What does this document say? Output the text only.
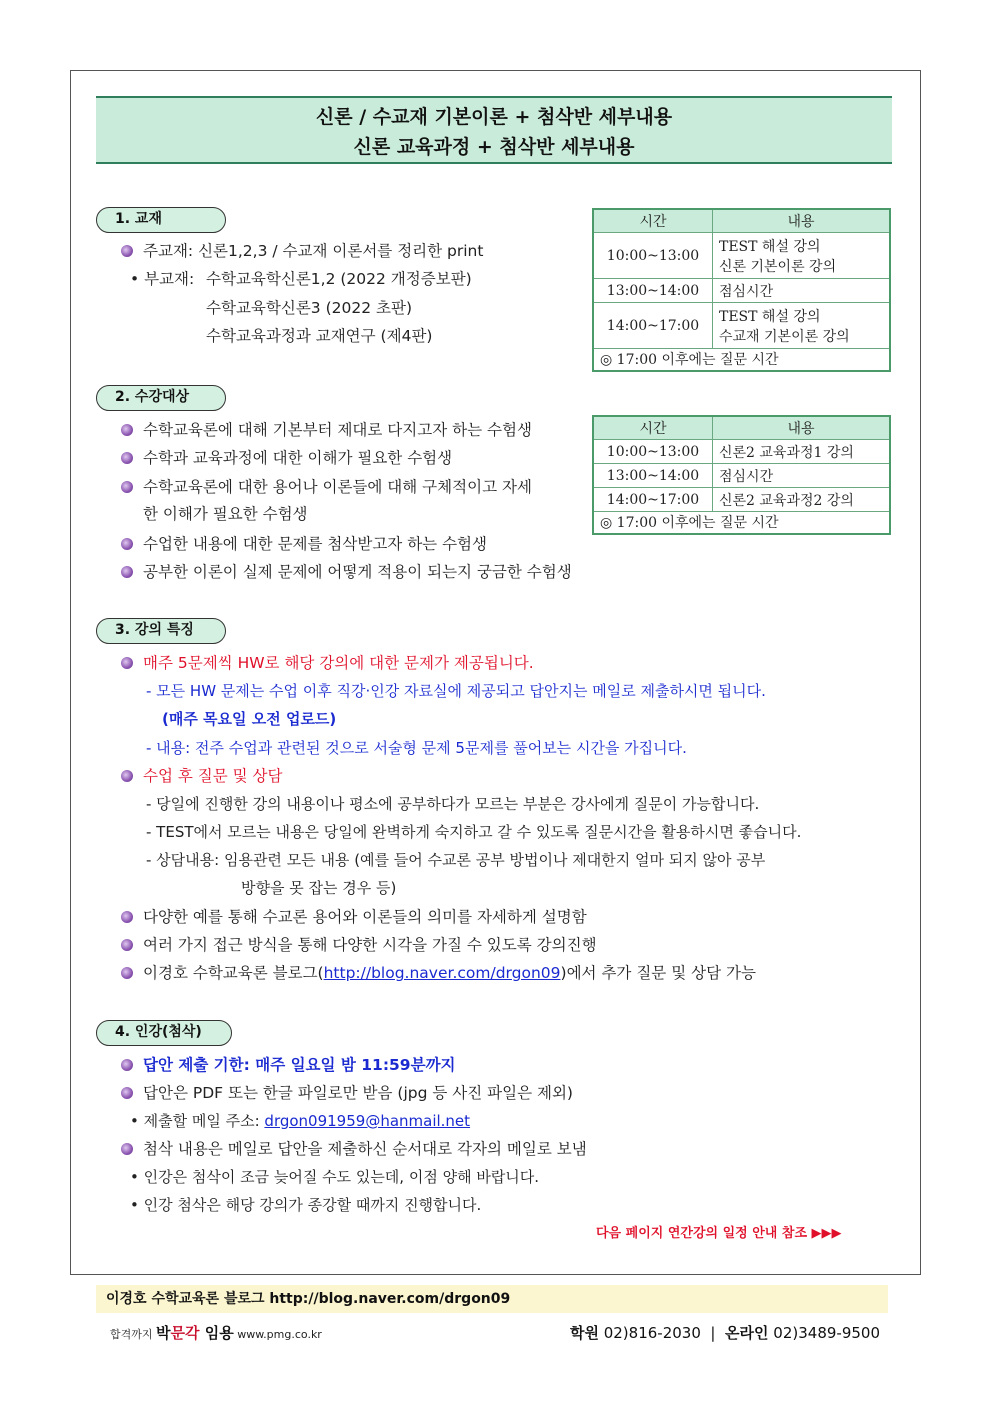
신론 / 수교재 기본이론 + 첨삭반 세부내용
신론 교육과정 + 첨삭반 세부내용
1. 교재
주교재: 신론1,2,3 / 수교재 이론서를 정리한 print
• 부교재: 수학교육학신론1,2 (2022 개정증보판)
수학교육학신론3 (2022 초판)
수학교육과정과 교재연구 (제4판)
시간	내용
10:00~13:00	TEST 해설 강의
신론 기본이론 강의

13:00~14:00	점심시간
14:00~17:00	TEST 해설 강의
수교재 기본이론 강의

◎ 17:00 이후에는 질문 시간	
2. 수강대상
수학교육론에 대해 기본부터 제대로 다지고자 하는 수험생
수학과 교육과정에 대한 이해가 필요한 수험생
수학교육론에 대한 용어나 이론들에 대해 구체적이고 자세
한 이해가 필요한 수험생
수업한 내용에 대한 문제를 첨삭받고자 하는 수험생
공부한 이론이 실제 문제에 어떻게 적용이 되는지 궁금한 수험생
시간	내용
10:00~13:00	신론2 교육과정1 강의
13:00~14:00	점심시간
14:00~17:00	신론2 교육과정2 강의
◎ 17:00 이후에는 질문 시간	
3. 강의 특징
매주 5문제씩 HW로 해당 강의에 대한 문제가 제공됩니다.
- 모든 HW 문제는 수업 이후 직강·인강 자료실에 제공되고 답안지는 메일로 제출하시면 됩니다.
(매주 목요일 오전 업로드)
- 내용: 전주 수업과 관련된 것으로 서술형 문제 5문제를 풀어보는 시간을 가집니다.
수업 후 질문 및 상담
- 당일에 진행한 강의 내용이나 평소에 공부하다가 모르는 부분은 강사에게 질문이 가능합니다.
- TEST에서 모르는 내용은 당일에 완벽하게 숙지하고 갈 수 있도록 질문시간을 활용하시면 좋습니다.
- 상담내용: 임용관련 모든 내용 (예를 들어 수교론 공부 방법이나 제대한지 얼마 되지 않아 공부
방향을 못 잡는 경우 등)
다양한 예를 통해 수교론 용어와 이론들의 의미를 자세하게 설명함
여러 가지 접근 방식을 통해 다양한 시각을 가질 수 있도록 강의진행
이경호 수학교육론 블로그(http://blog.naver.com/drgon09)에서 추가 질문 및 상담 가능
4. 인강(첨삭)
답안 제출 기한: 매주 일요일 밤 11:59분까지
답안은 PDF 또는 한글 파일로만 받음 (jpg 등 사진 파일은 제외)
• 제출할 메일 주소: drgon091959@hanmail.net
첨삭 내용은 메일로 답안을 제출하신 순서대로 각자의 메일로 보냄
• 인강은 첨삭이 조금 늦어질 수도 있는데, 이점 양해 바랍니다.
• 인강 첨삭은 해당 강의가 종강할 때까지 진행합니다.
다음 페이지 연간강의 일정 안내 참조 ▶▶▶
이경호 수학교육론 블로그 http://blog.naver.com/drgon09
합격까지 박문각 임용 www.pmg.co.kr	학원 02)816-2030 | 온라인 02)3489-9500
